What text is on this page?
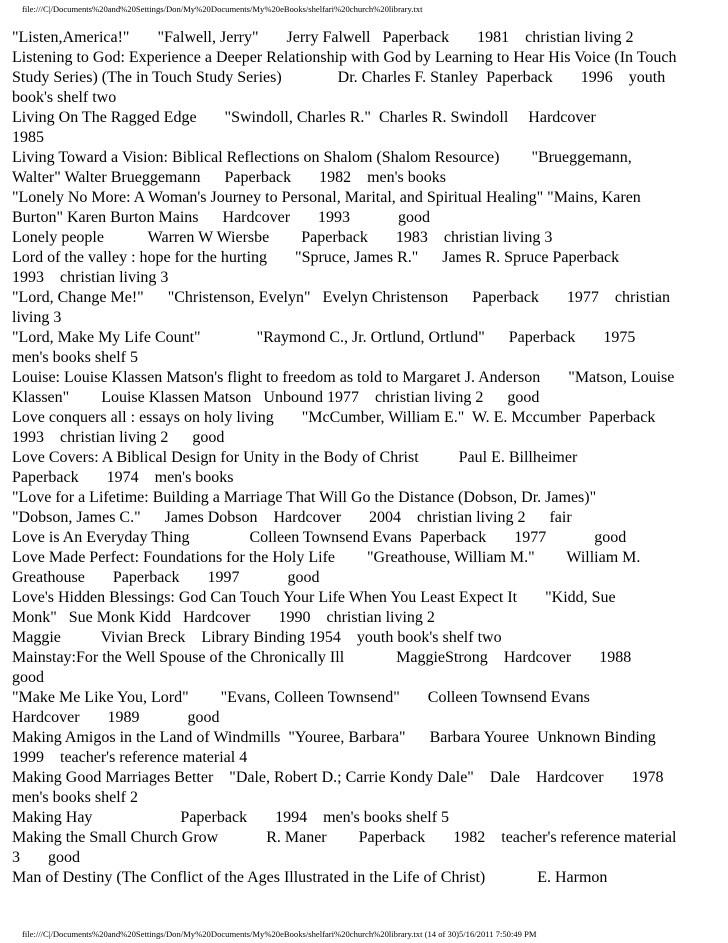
file:///C|/Documents%20and%20Settings/Don/My%20Documents/My%20eBooks/shelfari%20church%20library.txt
"Listen,America!"       "Falwell, Jerry"       Jerry Falwell   Paperback       1981    christian living 2
Listening to God: Experience a Deeper Relationship with God by Learning to Hear His Voice (In Touch
Study Series) (The in Touch Study Series)              Dr. Charles F. Stanley  Paperback       1996    youth
book's shelf two
Living On The Ragged Edge       "Swindoll, Charles R."  Charles R. Swindoll     Hardcover
1985
Living Toward a Vision: Biblical Reflections on Shalom (Shalom Resource)        "Brueggemann,
Walter" Walter Brueggemann      Paperback       1982    men's books
"Lonely No More: A Woman's Journey to Personal, Marital, and Spiritual Healing" "Mains, Karen
Burton" Karen Burton Mains      Hardcover       1993            good
Lonely people           Warren W Wiersbe        Paperback       1983    christian living 3
Lord of the valley : hope for the hurting       "Spruce, James R."      James R. Spruce Paperback
1993    christian living 3
"Lord, Change Me!"      "Christenson, Evelyn"   Evelyn Christenson      Paperback       1977    christian
living 3
"Lord, Make My Life Count"              "Raymond C., Jr. Ortlund, Ortlund"      Paperback       1975
men's books shelf 5
Louise: Louise Klassen Matson's flight to freedom as told to Margaret J. Anderson       "Matson, Louise
Klassen"        Louise Klassen Matson   Unbound 1977    christian living 2      good
Love conquers all : essays on holy living       "McCumber, William E."  W. E. Mccumber  Paperback
1993    christian living 2      good
Love Covers: A Biblical Design for Unity in the Body of Christ          Paul E. Billheimer
Paperback       1974    men's books
"Love for a Lifetime: Building a Marriage That Will Go the Distance (Dobson, Dr. James)"
"Dobson, James C."      James Dobson    Hardcover       2004    christian living 2      fair
Love is An Everyday Thing               Colleen Townsend Evans  Paperback       1977            good
Love Made Perfect: Foundations for the Holy Life        "Greathouse, William M."        William M.
Greathouse       Paperback       1997            good
Love's Hidden Blessings: God Can Touch Your Life When You Least Expect It       "Kidd, Sue
Monk"   Sue Monk Kidd   Hardcover       1990    christian living 2
Maggie          Vivian Breck    Library Binding 1954    youth book's shelf two
Mainstay:For the Well Spouse of the Chronically Ill             MaggieStrong    Hardcover       1988
good
"Make Me Like You, Lord"        "Evans, Colleen Townsend"       Colleen Townsend Evans
Hardcover       1989            good
Making Amigos in the Land of Windmills  "Youree, Barbara"      Barbara Youree  Unknown Binding
1999    teacher's reference material 4
Making Good Marriages Better    "Dale, Robert D.; Carrie Kondy Dale"    Dale    Hardcover       1978
men's books shelf 2
Making Hay                      Paperback       1994    men's books shelf 5
Making the Small Church Grow            R. Maner        Paperback       1982    teacher's reference material
3       good
Man of Destiny (The Conflict of the Ages Illustrated in the Life of Christ)             E. Harmon
file:///C|/Documents%20and%20Settings/Don/My%20Documents/My%20eBooks/shelfari%20church%20library.txt (14 of 30)5/16/2011 7:50:49 PM
